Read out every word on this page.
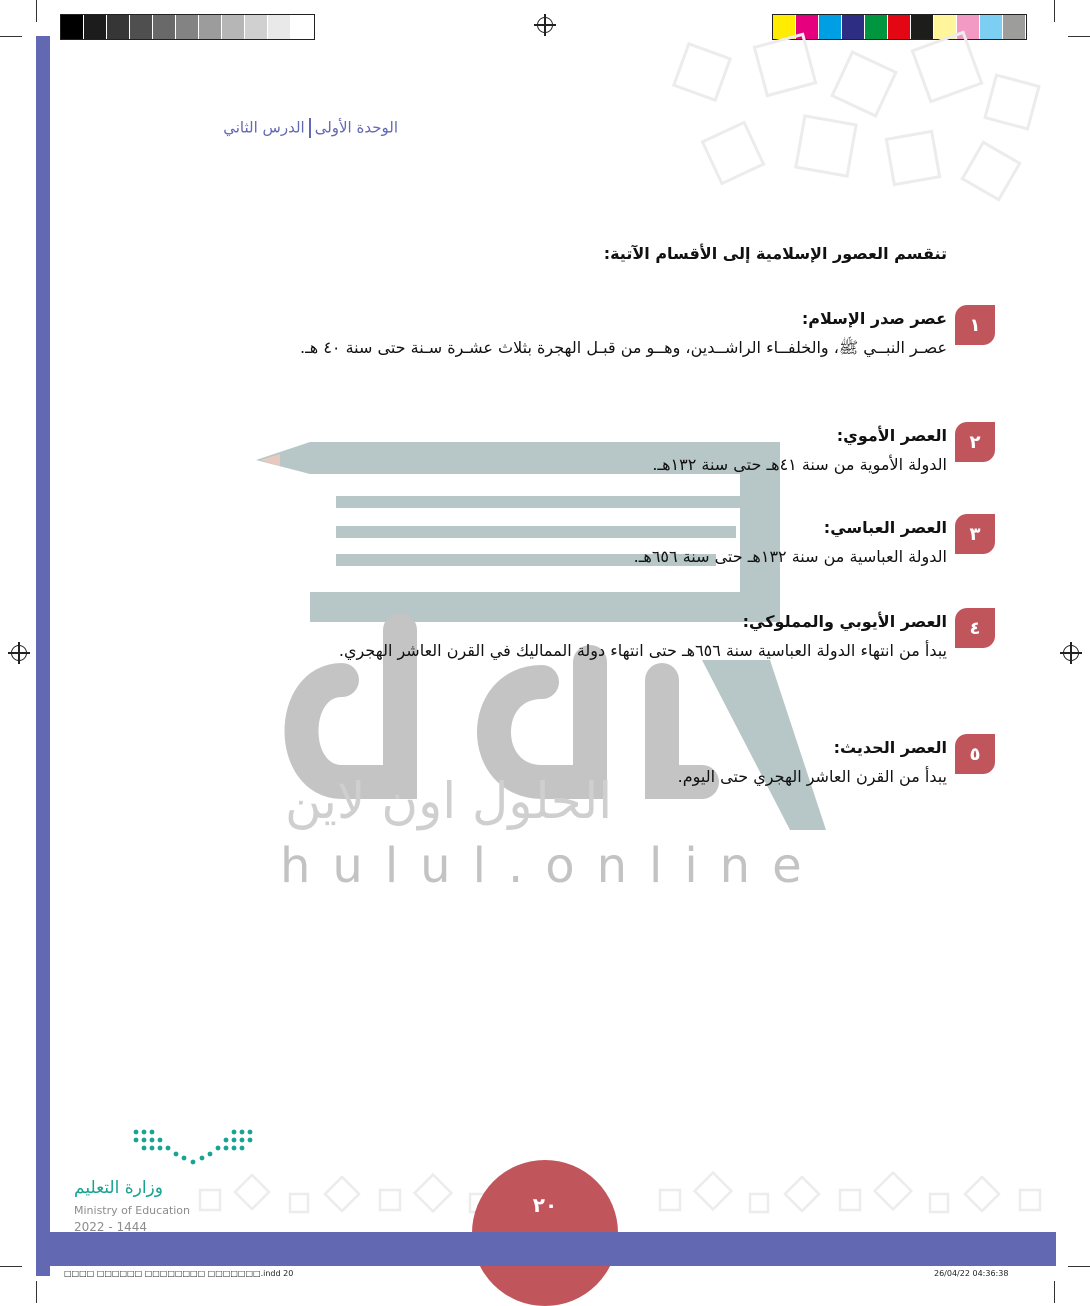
الوحدة الأولىالدرس الثاني
الحلول اون لاين
hulul.online
تنقسم العصور الإسلامية إلى الأقسام الآتية:
١
عصر صدر الإسلام:
عصـر النبــي ﷺ، والخلفــاء الراشــدين، وهــو من قبـل الهجرة بثلاث عشـرة سـنة حتى سنة ٤٠ هـ.
٢
العصر الأموي:
الدولة الأموية من سنة ٤١هـ حتى سنة ١٣٢هـ.
٣
العصر العباسي:
الدولة العباسية من سنة ١٣٢هـ حتى سنة ٦٥٦هـ.
٤
العصر الأيوبي والمملوكي:
يبدأ من انتهاء الدولة العباسية سنة ٦٥٦هـ حتى انتهاء دولة المماليك في القرن العاشر الهجري.
٥
العصر الحديث:
يبدأ من القرن العاشر الهجري حتى اليوم.
٢٠
وزارة التعليم
Ministry of Education
2022 - 1444
□□□□ □□□□□□ □□□□□□□□ □□□□□□□.indd 20	26/04/22 04:36:38
